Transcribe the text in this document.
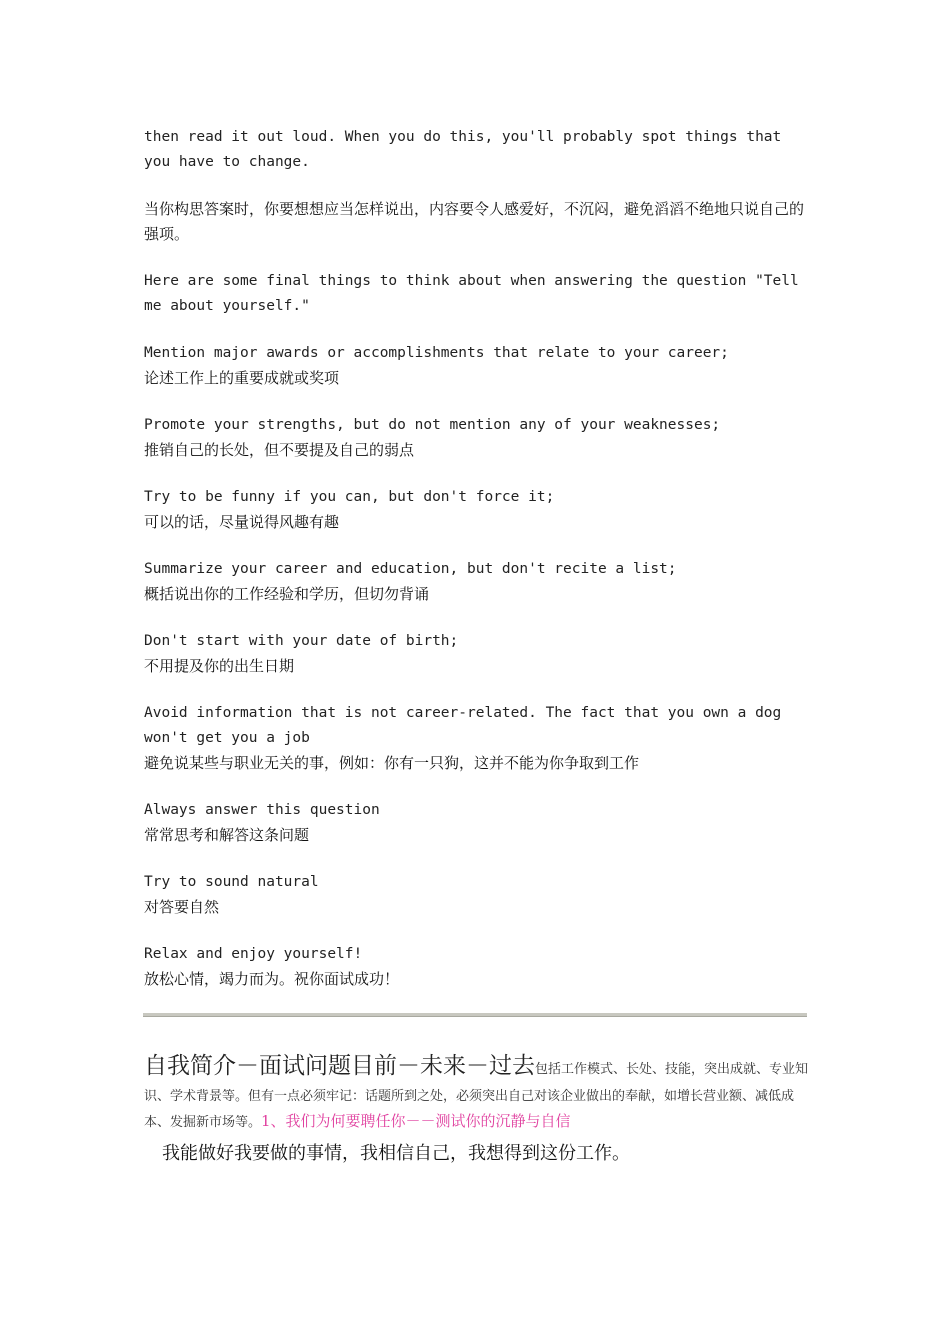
then read it out loud. When you do this, you'll probably spot things that you have to change.

当你构思答案时，你要想想应当怎样说出，内容要令人感爱好，不沉闷，避免滔滔不绝地只说自己的强项。

Here are some final things to think about when answering the question "Tell me about yourself."

Mention major awards or accomplishments that relate to your career;

论述工作上的重要成就或奖项

Promote your strengths, but do not mention any of your weaknesses;

推销自己的长处，但不要提及自己的弱点

Try to be funny if you can, but don't force it;

可以的话，尽量说得风趣有趣

Summarize your career and education, but don't recite a list;

概括说出你的工作经验和学历，但切勿背诵

Don't start with your date of birth;

不用提及你的出生日期

Avoid information that is not career-related. The fact that you own a dog won't get you a job

避免说某些与职业无关的事，例如：你有一只狗，这并不能为你争取到工作

Always answer this question

常常思考和解答这条问题

Try to sound natural

对答要自然

Relax and enjoy yourself!

放松心情，竭力而为。祝你面试成功！

自我简介－面试问题目前－未来－过去包括工作模式、长处、技能，突出成就、专业知识、学术背景等。但有一点必须牢记：话题所到之处，必须突出自己对该企业做出的奉献，如增长营业额、减低成本、发掘新市场等。1、我们为何要聘任你－－测试你的沉静与自信
我能做好我要做的事情，我相信自己，我想得到这份工作。
